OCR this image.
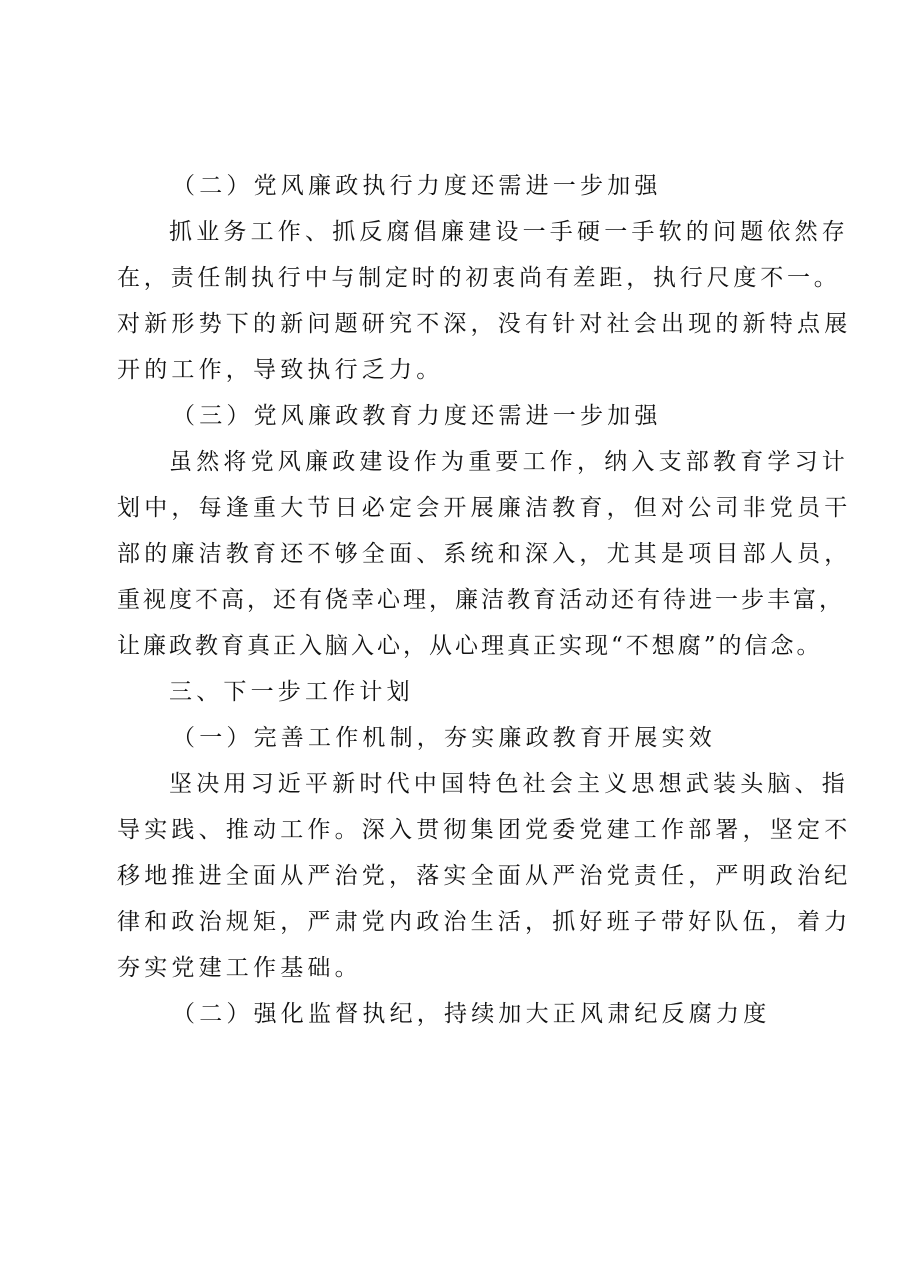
（二）党风廉政执行力度还需进一步加强
抓业务工作、抓反腐倡廉建设一手硬一手软的问题依然存
在，责任制执行中与制定时的初衷尚有差距，执行尺度不一。
对新形势下的新问题研究不深，没有针对社会出现的新特点展
开的工作，导致执行乏力。
（三）党风廉政教育力度还需进一步加强
虽然将党风廉政建设作为重要工作，纳入支部教育学习计
划中，每逢重大节日必定会开展廉洁教育，但对公司非党员干
部的廉洁教育还不够全面、系统和深入，尤其是项目部人员，
重视度不高，还有侥幸心理，廉洁教育活动还有待进一步丰富，
让廉政教育真正入脑入心，从心理真正实现“不想腐”的信念。
三、下一步工作计划
（一）完善工作机制，夯实廉政教育开展实效
坚决用习近平新时代中国特色社会主义思想武装头脑、指
导实践、推动工作。深入贯彻集团党委党建工作部署，坚定不
移地推进全面从严治党，落实全面从严治党责任，严明政治纪
律和政治规矩，严肃党内政治生活，抓好班子带好队伍，着力
夯实党建工作基础。
（二）强化监督执纪，持续加大正风肃纪反腐力度
